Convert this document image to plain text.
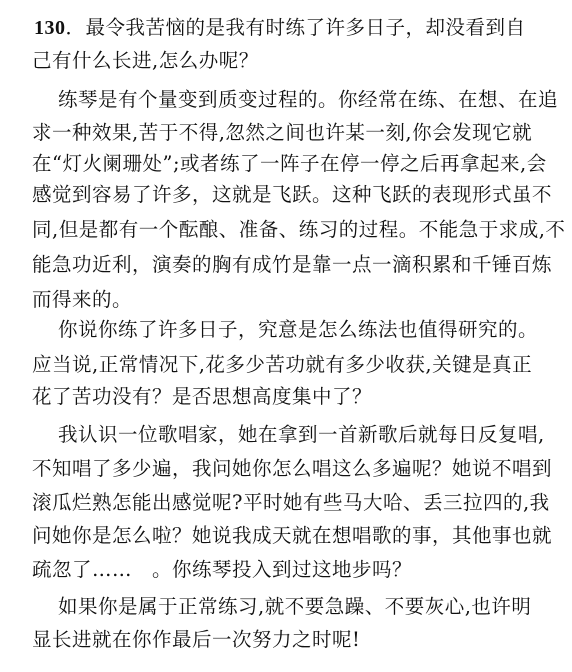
130．最令我苦恼的是我有时练了许多日子，却没看到自
己有什么长进,怎么办呢？
练琴是有个量变到质变过程的。你经常在练、在想、在追
求一种效果,苦于不得,忽然之间也许某一刻,你会发现它就
在“灯火阑珊处”;或者练了一阵子在停一停之后再拿起来,会
感觉到容易了许多，这就是飞跃。这种飞跃的表现形式虽不
同,但是都有一个酝酿、准备、练习的过程。不能急于求成,不
能急功近利，演奏的胸有成竹是靠一点一滴积累和千锤百炼
而得来的。
你说你练了许多日子，究意是怎么练法也值得研究的。
应当说,正常情况下,花多少苦功就有多少收获,关键是真正
花了苦功没有？是否思想高度集中了？
我认识一位歌唱家，她在拿到一首新歌后就每日反复唱,
不知唱了多少遍，我问她你怎么唱这么多遍呢？她说不唱到
滚瓜烂熟怎能出感觉呢?平时她有些马大哈、丢三拉四的,我
问她你是怎么啦？她说我成天就在想唱歌的事，其他事也就
疏忽了……　。你练琴投入到过这地步吗？
如果你是属于正常练习,就不要急躁、不要灰心,也许明
显长进就在你作最后一次努力之时呢!
